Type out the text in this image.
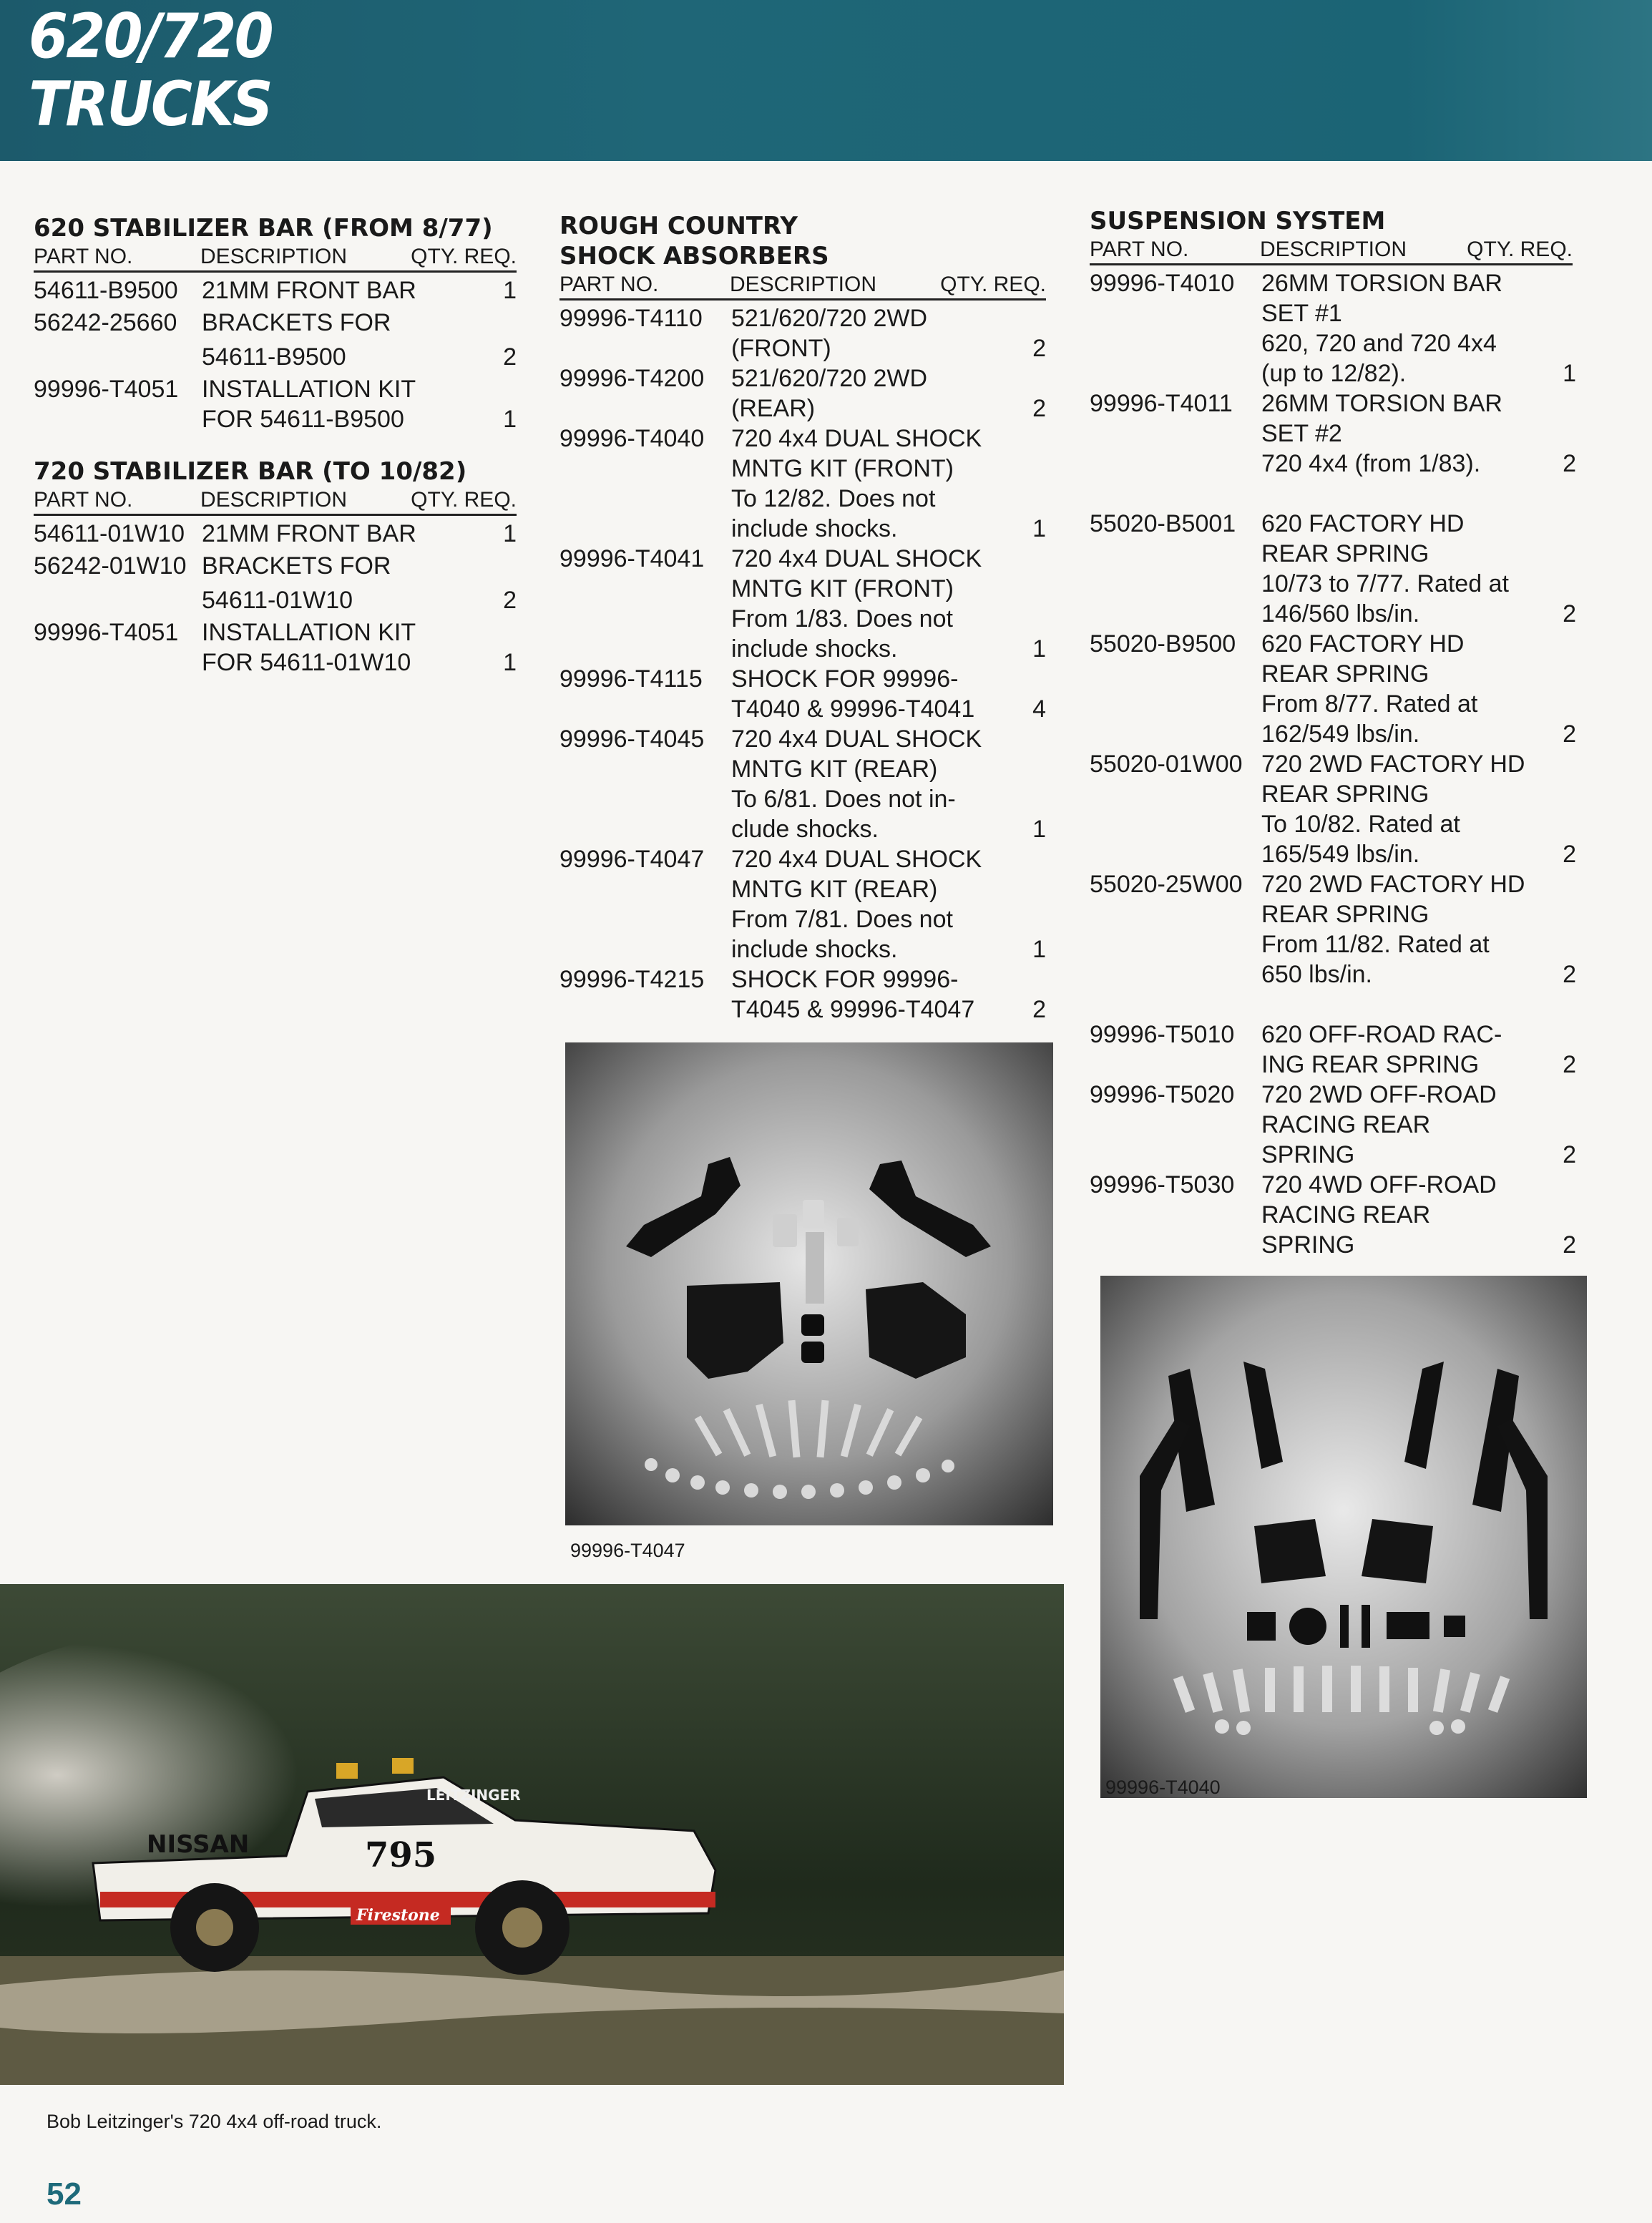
620/720
TRUCKS
620 STABILIZER BAR (FROM 8/77)
PART NO.	DESCRIPTION	QTY. REQ.
54611-B9500 21MM FRONT BAR	1
56242-25660 BRACKETS FOR
54611-B9500	2
99996-T4051 INSTALLATION KIT
FOR 54611-B9500	1
720 STABILIZER BAR (TO 10/82)
PART NO.	DESCRIPTION	QTY. REQ.
54611-01W10 21MM FRONT BAR	1
56242-01W10 BRACKETS FOR
54611-01W10	2
99996-T4051 INSTALLATION KIT
FOR 54611-01W10	1
ROUGH COUNTRY
SHOCK ABSORBERS
PART NO.	DESCRIPTION	QTY. REQ.
99996-T4110 521/620/720 2WD
(FRONT)	2
99996-T4200 521/620/720 2WD
(REAR)	2
99996-T4040 720 4x4 DUAL SHOCK
MNTG KIT (FRONT)
To 12/82. Does not
include shocks.	1
99996-T4041 720 4x4 DUAL SHOCK
MNTG KIT (FRONT)
From 1/83. Does not
include shocks.	1
99996-T4115 SHOCK FOR 99996-
T4040 & 99996-T4041	4
99996-T4045 720 4x4 DUAL SHOCK
MNTG KIT (REAR)
To 6/81. Does not in-
clude shocks.	1
99996-T4047 720 4x4 DUAL SHOCK
MNTG KIT (REAR)
From 7/81. Does not
include shocks.	1
99996-T4215 SHOCK FOR 99996-
T4045 & 99996-T4047	2
SUSPENSION SYSTEM
PART NO.	DESCRIPTION	QTY. REQ.
99996-T4010 26MM TORSION BAR
SET #1
620, 720 and 720 4x4
(up to 12/82).	1
99996-T4011 26MM TORSION BAR
SET #2
720 4x4 (from 1/83).	2
55020-B5001 620 FACTORY HD
REAR SPRING
10/73 to 7/77. Rated at
146/560 lbs/in.	2
55020-B9500 620 FACTORY HD
REAR SPRING
From 8/77. Rated at
162/549 lbs/in.	2
55020-01W00 720 2WD FACTORY HD
REAR SPRING
To 10/82. Rated at
165/549 lbs/in.	2
55020-25W00 720 2WD FACTORY HD
REAR SPRING
From 11/82. Rated at
650 lbs/in.	2
99996-T5010 620 OFF-ROAD RAC-
ING REAR SPRING	2
99996-T5020 720 2WD OFF-ROAD
RACING REAR
SPRING	2
99996-T5030 720 4WD OFF-ROAD
RACING REAR
SPRING	2
99996-T4047
99996-T4040
NISSAN	795
LEITZINGER
Firestone
Bob Leitzinger's 720 4x4 off-road truck.
52
